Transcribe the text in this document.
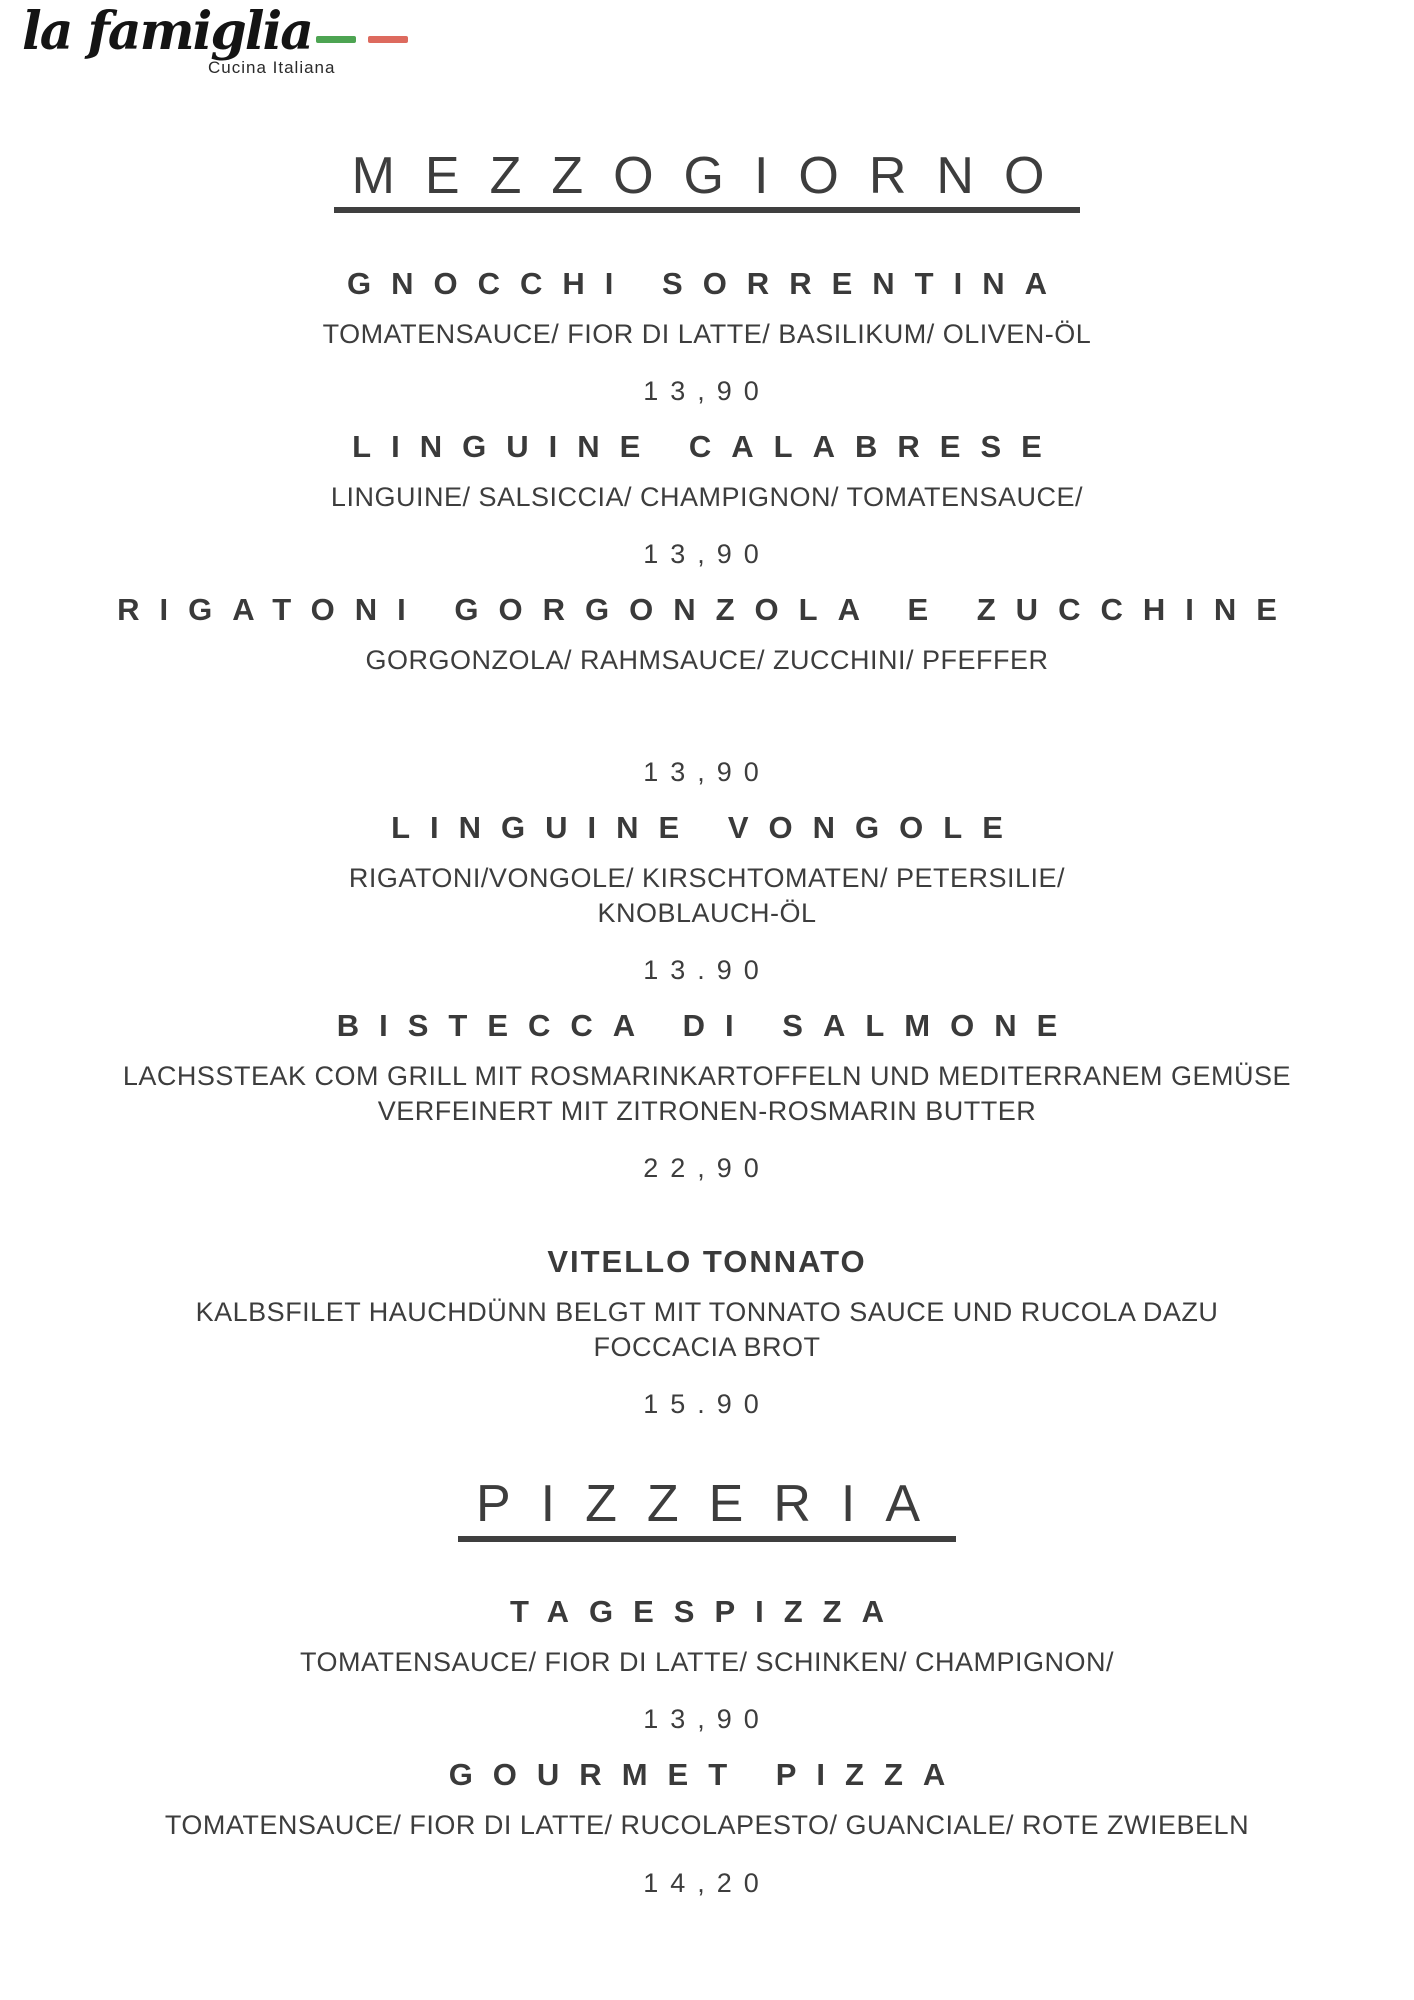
la famiglia
Cucina Italiana
MEZZOGIORNO
GNOCCHI SORRENTINA
TOMATENSAUCE/ FIOR DI LATTE/ BASILIKUM/ OLIVEN-ÖL
13,90
LINGUINE CALABRESE
LINGUINE/ SALSICCIA/ CHAMPIGNON/ TOMATENSAUCE/
13,90
RIGATONI GORGONZOLA E ZUCCHINE
GORGONZOLA/ RAHMSAUCE/ ZUCCHINI/ PFEFFER
13,90
LINGUINE VONGOLE
RIGATONI/VONGOLE/ KIRSCHTOMATEN/ PETERSILIE/
KNOBLAUCH-ÖL
13.90
BISTECCA DI SALMONE
LACHSSTEAK COM GRILL MIT ROSMARINKARTOFFELN UND MEDITERRANEM GEMÜSE
VERFEINERT MIT ZITRONEN-ROSMARIN BUTTER
22,90
VITELLO TONNATO
KALBSFILET HAUCHDÜNN BELGT MIT TONNATO SAUCE UND RUCOLA DAZU
FOCCACIA BROT
15.90
PIZZERIA
TAGESPIZZA
TOMATENSAUCE/ FIOR DI LATTE/ SCHINKEN/ CHAMPIGNON/
13,90
GOURMET PIZZA
TOMATENSAUCE/ FIOR DI LATTE/ RUCOLAPESTO/ GUANCIALE/ ROTE ZWIEBELN
14,20
